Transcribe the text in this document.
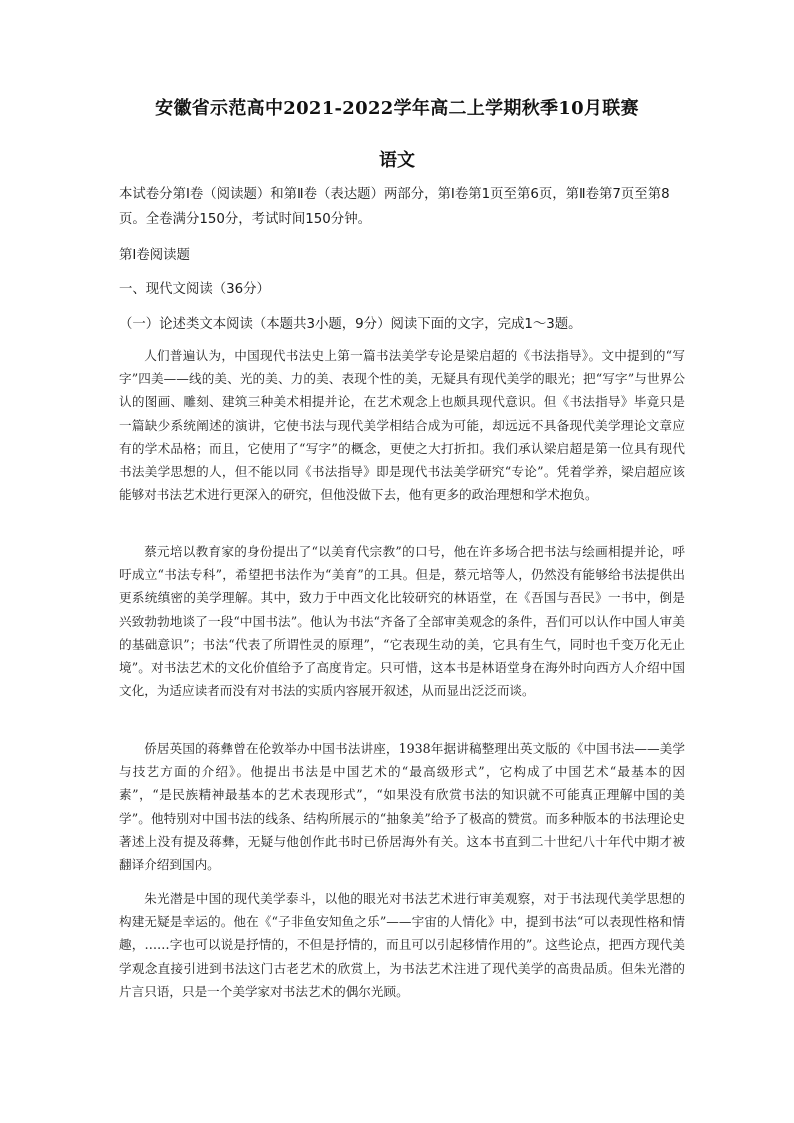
安徽省示范高中2021-2022学年高二上学期秋季10月联赛
语文
本试卷分第Ⅰ卷（阅读题）和第Ⅱ卷（表达题）两部分，第Ⅰ卷第1页至第6页，第Ⅱ卷第7页至第8页。全卷满分150分，考试时间150分钟。
第Ⅰ卷阅读题
一、现代文阅读（36分）
（一）论述类文本阅读（本题共3小题，9分）阅读下面的文字，完成1～3题。
人们普遍认为，中国现代书法史上第一篇书法美学专论是梁启超的《书法指导》。文中提到的“写字”四美——线的美、光的美、力的美、表现个性的美，无疑具有现代美学的眼光；把“写字”与世界公认的图画、雕刻、建筑三种美术相提并论，在艺术观念上也颇具现代意识。但《书法指导》毕竟只是一篇缺少系统阐述的演讲，它使书法与现代美学相结合成为可能，却远远不具备现代美学理论文章应有的学术品格；而且，它使用了“写字”的概念，更使之大打折扣。我们承认梁启超是第一位具有现代书法美学思想的人，但不能以同《书法指导》即是现代书法美学研究“专论”。凭着学养，梁启超应该能够对书法艺术进行更深入的研究，但他没做下去，他有更多的政治理想和学术抱负。
蔡元培以教育家的身份提出了“以美育代宗教”的口号，他在许多场合把书法与绘画相提并论，呼吁成立“书法专科”，希望把书法作为“美育”的工具。但是，蔡元培等人，仍然没有能够给书法提供出更系统缜密的美学理解。其中，致力于中西文化比较研究的林语堂，在《吾国与吾民》一书中，倒是兴致勃勃地谈了一段“中国书法”。他认为书法“齐备了全部审美观念的条件，吾们可以认作中国人审美的基础意识”；书法“代表了所谓性灵的原理”，“它表现生动的美，它具有生气，同时也千变万化无止境”。对书法艺术的文化价值给予了高度肯定。只可惜，这本书是林语堂身在海外时向西方人介绍中国文化，为适应读者而没有对书法的实质内容展开叙述，从而显出泛泛而谈。
侨居英国的蒋彝曾在伦敦举办中国书法讲座，1938年据讲稿整理出英文版的《中国书法——美学与技艺方面的介绍》。他提出书法是中国艺术的“最高级形式”，它构成了中国艺术“最基本的因素”，“是民族精神最基本的艺术表现形式”，“如果没有欣赏书法的知识就不可能真正理解中国的美学”。他特别对中国书法的线条、结构所展示的“抽象美”给予了极高的赞赏。而多种版本的书法理论史著述上没有提及蒋彝，无疑与他创作此书时已侨居海外有关。这本书直到二十世纪八十年代中期才被翻译介绍到国内。
朱光潜是中国的现代美学泰斗，以他的眼光对书法艺术进行审美观察，对于书法现代美学思想的构建无疑是幸运的。他在《“子非鱼安知鱼之乐”——宇宙的人情化》中，提到书法“可以表现性格和情趣，……字也可以说是抒情的，不但是抒情的，而且可以引起移情作用的”。这些论点，把西方现代美学观念直接引进到书法这门古老艺术的欣赏上，为书法艺术注进了现代美学的高贵品质。但朱光潜的片言只语，只是一个美学家对书法艺术的偶尔光顾。
